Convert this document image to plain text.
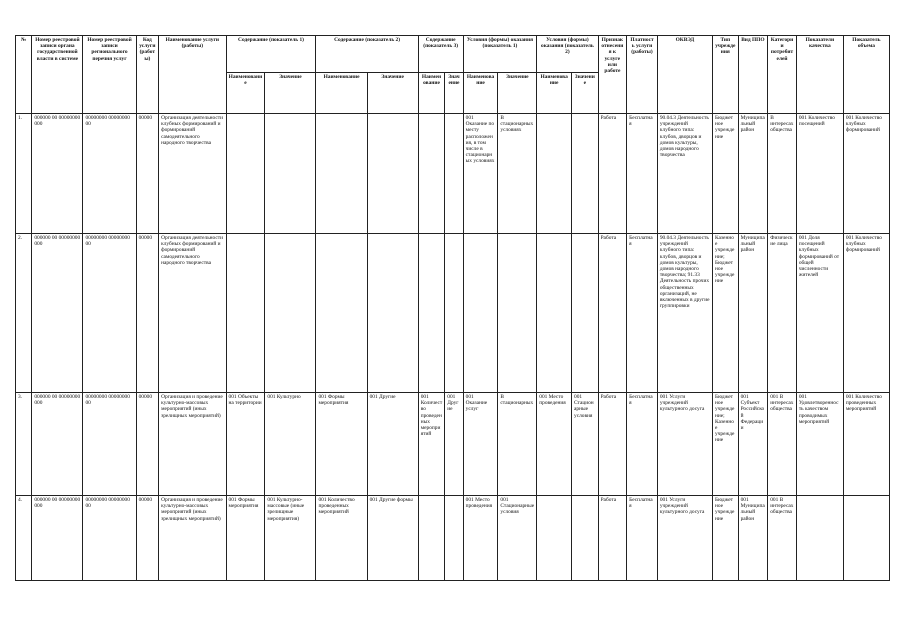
№	Номер реестровой записи органа государственной власти в системе	Номер реестровой записи регионального перечня услуг	Код услуги (работы)	Наименование услуги (работы)	Содержание (показатель 1)		Содержание (показатель 2)		Содержание (показатель 3)		Условия (формы) оказания (показатель 1)		Условия (формы) оказания (показатель 2)		Признак отнесения к услуге или работе	Платность услуги (работы)	ОКВЭД	Тип учреждения	Вид ППО	Категории потребителей	Показатели качества	Показатель объема
					Наименование	Значение	Наименование	Значение	Наименование	Значение	Наименование	Значение	Наименование	Значение								
1.	000000 00 00000000 000	00000000 00000000 00	00000	Организация деятельности клубных формирований и формирований самодеятельного народного творчества							001 Оказание по месту расположения, в том числе в стационарных условиях	В стационарных условиях			Работа	Бесплатная	90.04.3 Деятельность учреждений клубного типа: клубов, дворцов и домов культуры, домов народного творчества	Бюджетное учреждение	Муниципальный район	В интересах общества	001 Количество посещений	001 Количество клубных формирований
2.	000000 00 00000000 000	00000000 00000000 00	00000	Организация деятельности клубных формирований и формирований самодеятельного народного творчества											Работа	Бесплатная	90.04.3 Деятельность учреждений клубного типа: клубов, дворцов и домов культуры, домов народного творчества; 91.33 Деятельность прочих общественных организаций, не включенных в другие группировки	Казенное учреждение; Бюджетное учреждение	Муниципальный район	Физические лица	001 Доля посещений клубных формирований от общей численности жителей	001 Количество клубных формирований
3.	000000 00 00000000 000	00000000 00000000 00	00000	Организация и проведение культурно-массовых мероприятий (иных зрелищных мероприятий)	001 Объекты на территории	001 Культурно	001 Формы мероприятия	001 Другие	001 Количество проведенных мероприятий	001 Другие	001 Оказание услуг	В стационарных	001 Место проведения	001 Стационарные условия	Работа	Бесплатная	001 Услуги учреждений культурного досуга	Бюджетное учреждение; Казенное учреждение	001 Субъект Российской Федерации	001 В интересах общества	001 Удовлетворенность качеством проводимых мероприятий	001 Количество проведенных мероприятий
4.	000000 00 00000000 000	00000000 00000000 00	00000	Организация и проведение культурно-массовых мероприятий (иных зрелищных мероприятий)	001 Формы мероприятия	001 Культурно-массовые (иные зрелищные мероприятия)	001 Количество проведенных мероприятий	001 Другие формы			001 Место проведения	001 Стационарные условия			Работа	Бесплатная	001 Услуги учреждений культурного досуга	Бюджетное учреждение	001 Муниципальный район	001 В интересах общества		
